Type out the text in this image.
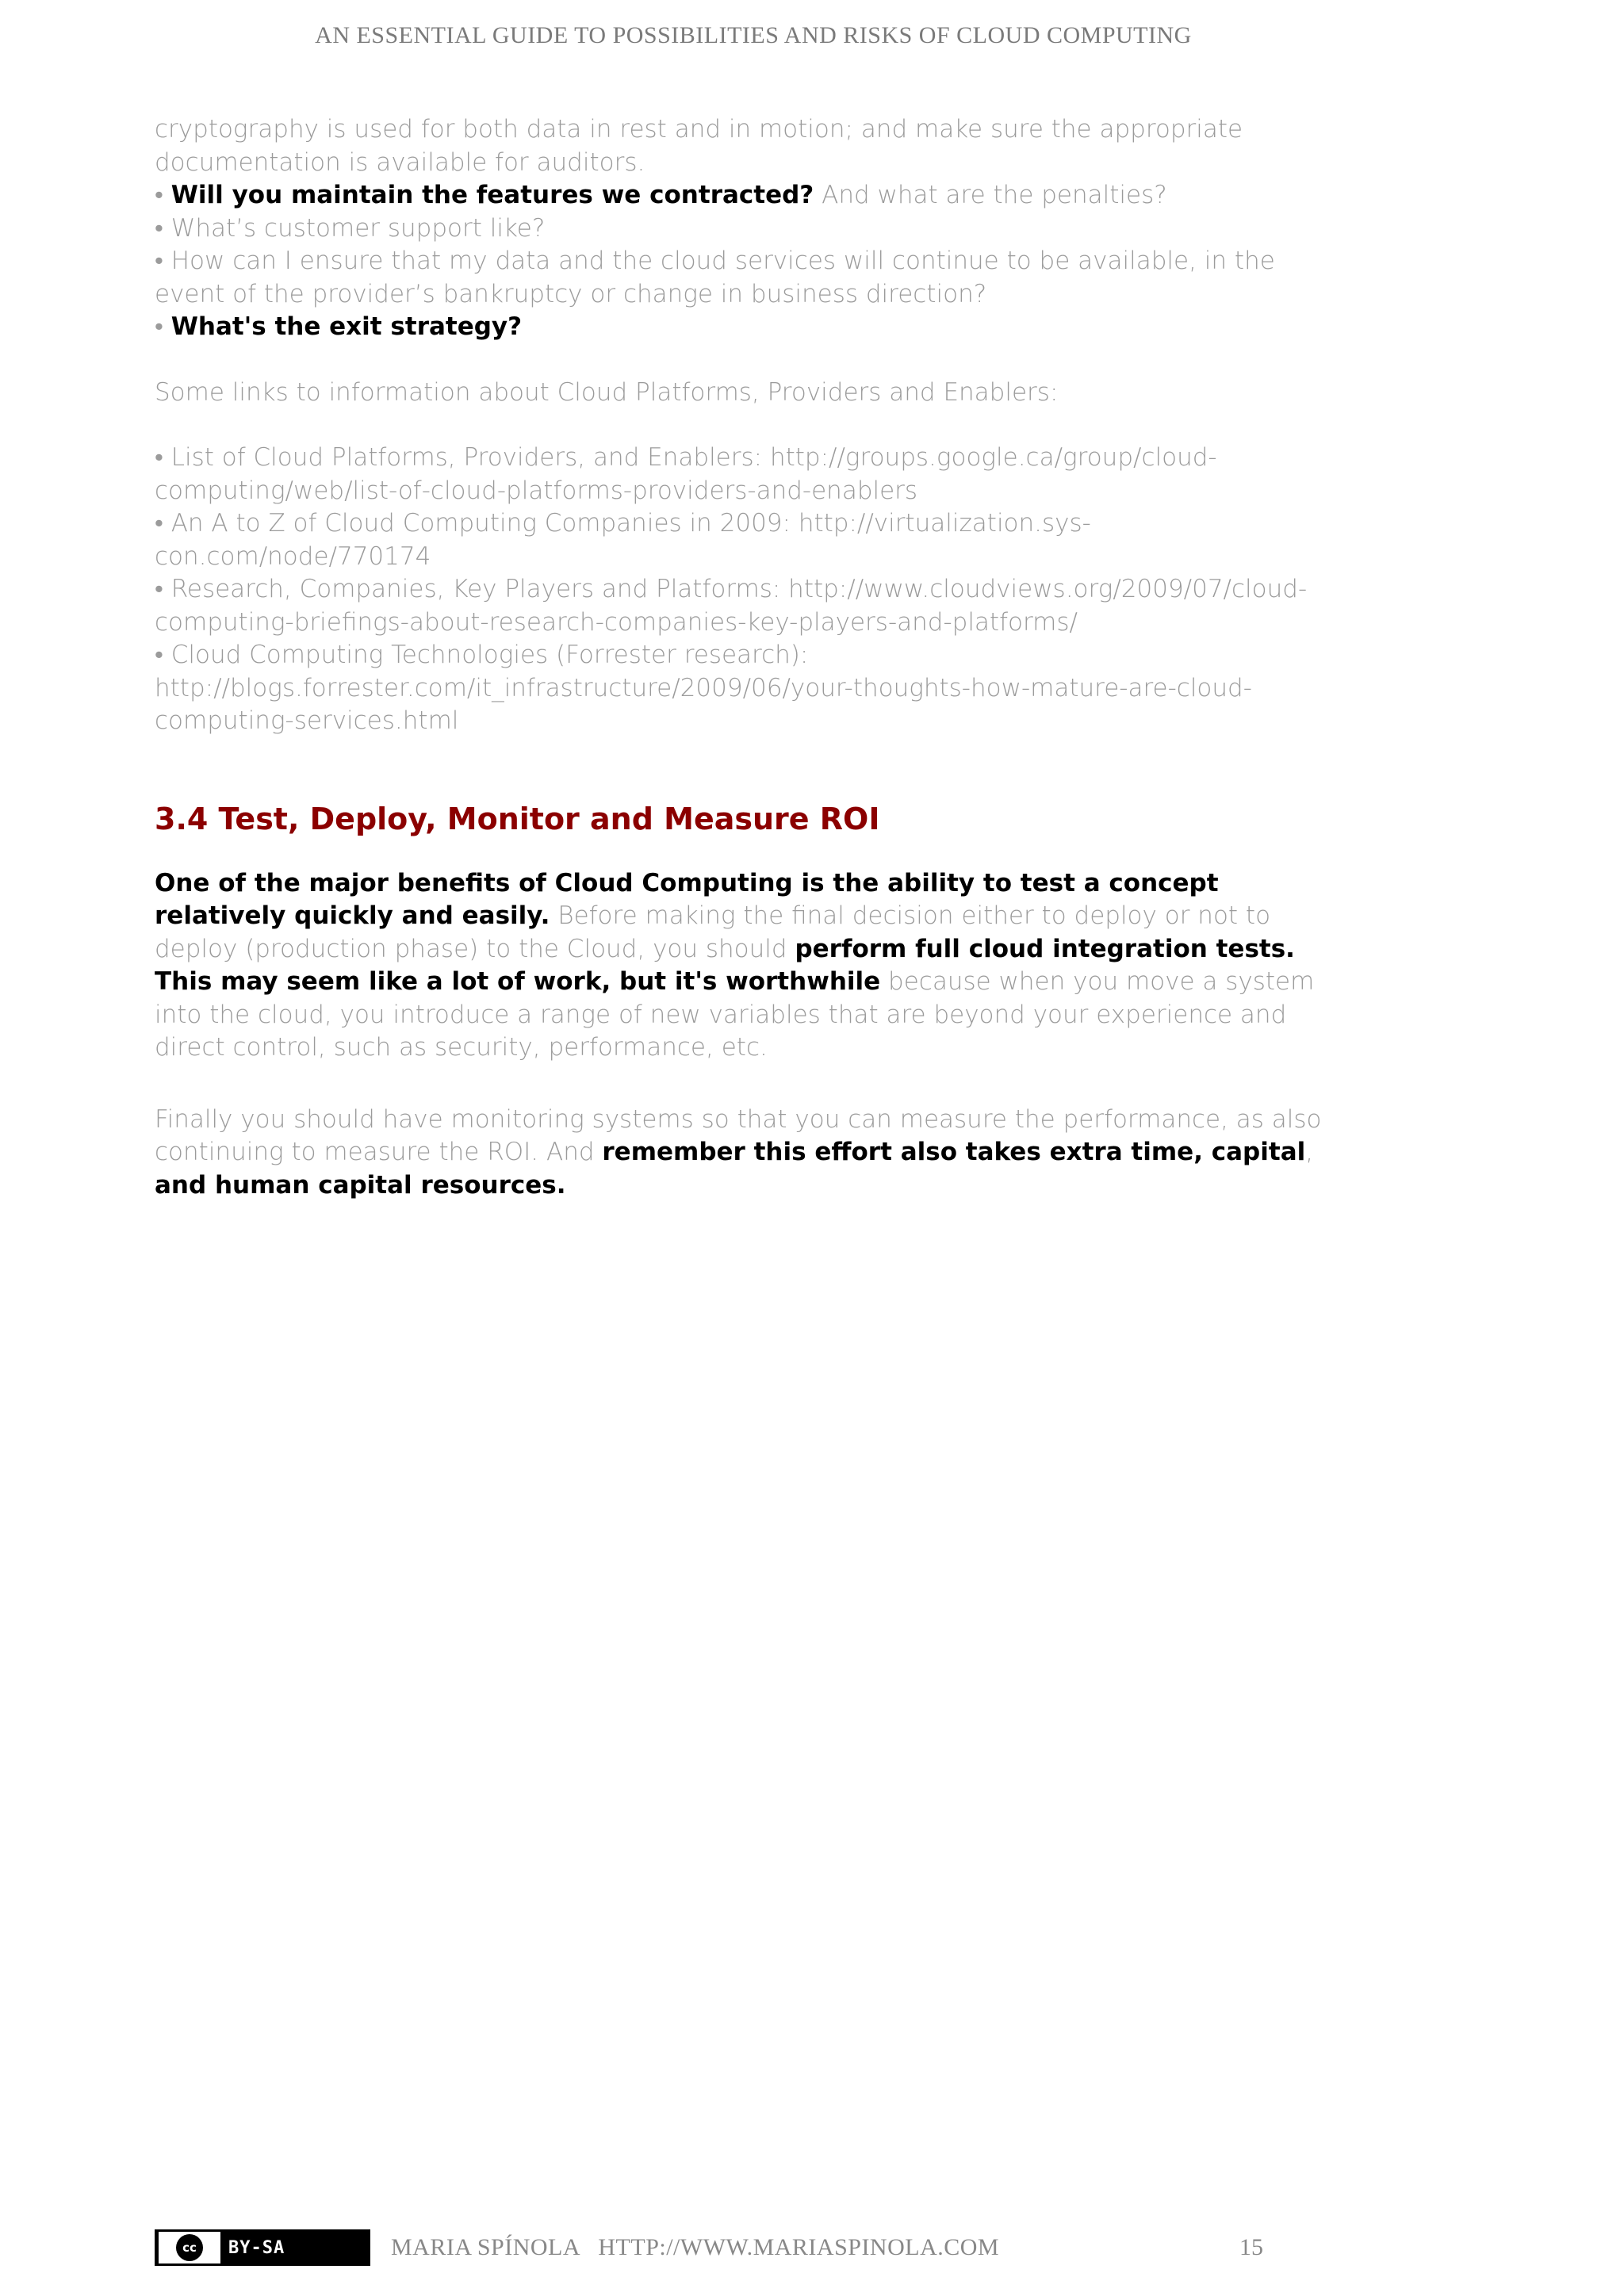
AN ESSENTIAL GUIDE TO POSSIBILITIES AND RISKS OF CLOUD COMPUTING

cryptography is used for both data in rest and in motion; and make sure the appropriate
documentation is available for auditors.

• Will you maintain the features we contracted? And what are the penalties?

• What’s customer support like?

• How can I ensure that my data and the cloud services will continue to be available, in the event of the provider’s bankruptcy or change in business direction?

• What's the exit strategy?

Some links to information about Cloud Platforms, Providers and Enablers:

• List of Cloud Platforms, Providers, and Enablers: http://groups.google.ca/group/cloud-computing/web/list-of-cloud-platforms-providers-and-enablers

• An A to Z of Cloud Computing Companies in 2009: http://virtualization.sys-con.com/node/770174

• Research, Companies, Key Players and Platforms: http://www.cloudviews.org/2009/07/cloud-computing-briefings-about-research-companies-key-players-and-platforms/

• Cloud Computing Technologies (Forrester research): http://blogs.forrester.com/it_infrastructure/2009/06/your-thoughts-how-mature-are-cloud-computing-services.html

3.4 Test, Deploy, Monitor and Measure ROI

One of the major benefits of Cloud Computing is the ability to test a concept relatively quickly and easily. Before making the final decision either to deploy or not to deploy (production phase) to the Cloud, you should perform full cloud integration tests. This may seem like a lot of work, but it's worthwhile because when you move a system into the cloud, you introduce a range of new variables that are beyond your experience and direct control, such as security, performance, etc.

Finally you should have monitoring systems so that you can measure the performance, as also continuing to measure the ROI. And remember this effort also takes extra time, capital, and human capital resources.

cc	BY-SA	MARIA SPÍNOLA   HTTP://WWW.MARIASPINOLA.COM	15
